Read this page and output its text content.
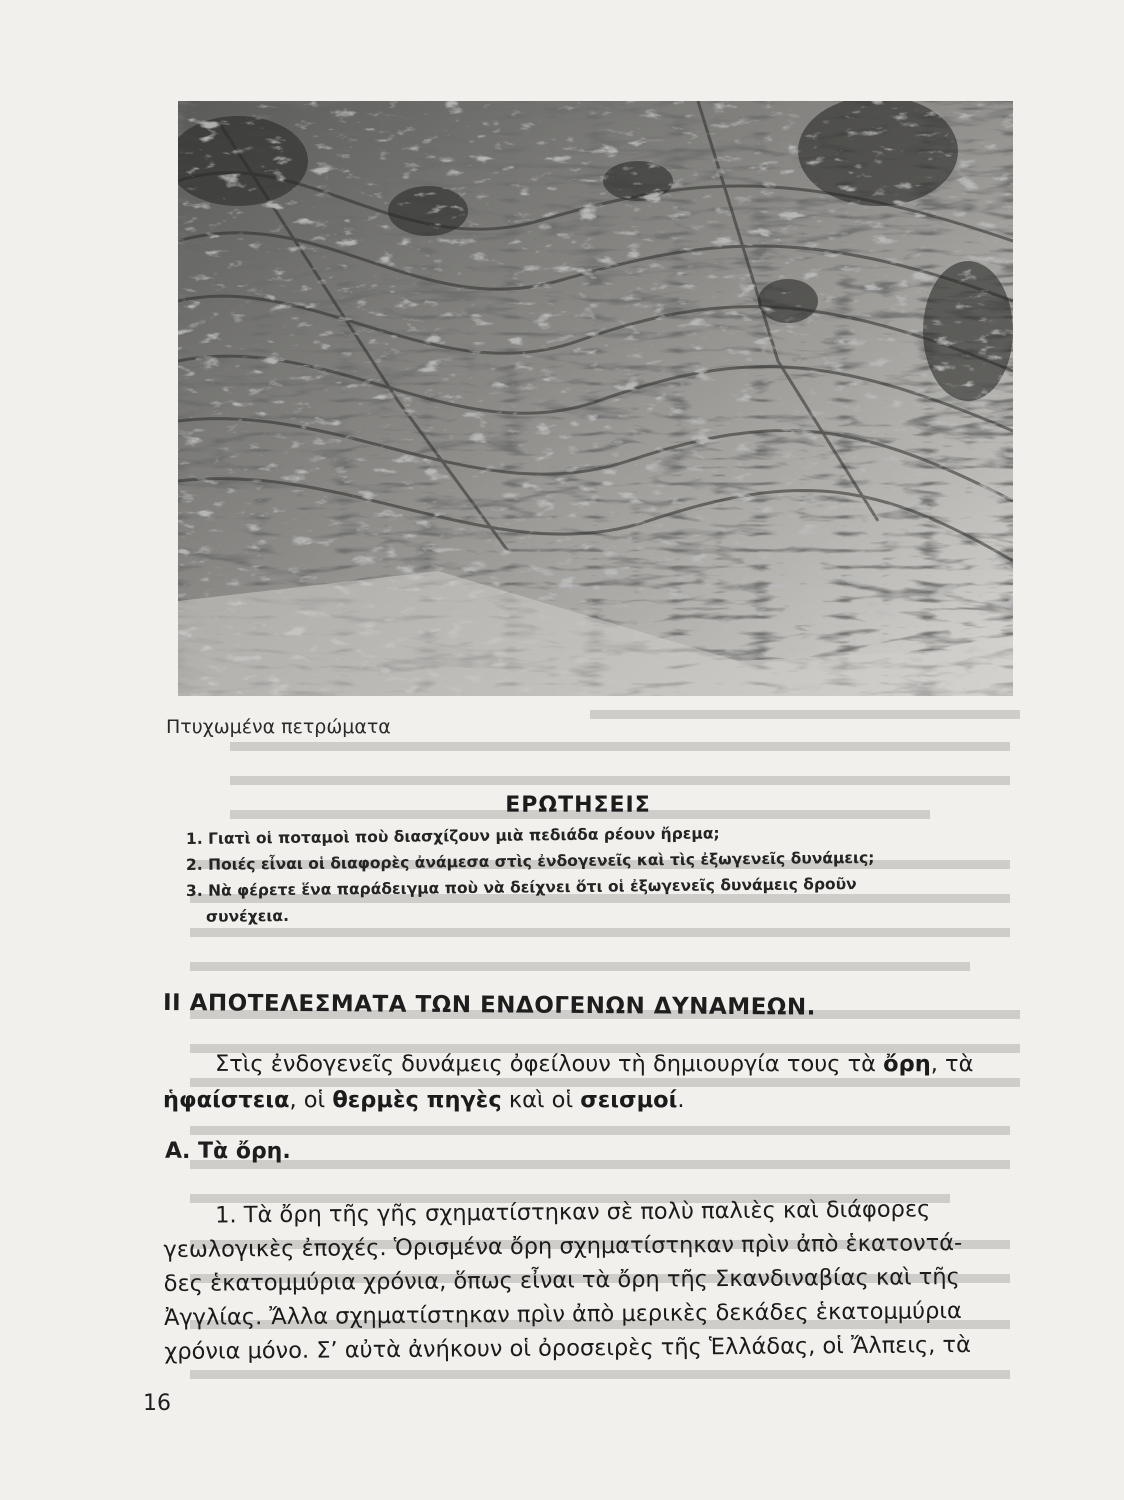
Πτυχωμένα πετρώματα
ΕΡΩΤΗΣΕΙΣ
1. Γιατὶ οἱ ποταμοὶ ποὺ διασχίζουν μιὰ πεδιάδα ρέουν ἤρεμα;
2. Ποιές εἶναι οἱ διαφορὲς ἀνάμεσα στὶς ἐνδογενεῖς καὶ τὶς ἐξωγενεῖς δυνάμεις;
3. Νὰ φέρετε ἕνα παράδειγμα ποὺ νὰ δείχνει ὅτι οἱ ἐξωγενεῖς δυνάμεις δροῦν
συνέχεια.
ΙΙ ΑΠΟΤΕΛΕΣΜΑΤΑ ΤΩΝ ΕΝΔΟΓΕΝΩΝ ΔΥΝΑΜΕΩΝ.

Στὶς ἐνδογενεῖς δυνάμεις ὀφείλουν τὴ δημιουργία τους τὰ ὄρη, τὰ

ἡφαίστεια, οἱ θερμὲς πηγὲς καὶ οἱ σεισμοί.

Α. Τὰ ὄρη.

1. Τὰ ὄρη τῆς γῆς σχηματίστηκαν σὲ πολὺ παλιὲς καὶ διάφορες

γεωλογικὲς ἐποχές. Ὁρισμένα ὄρη σχηματίστηκαν πρὶν ἀπὸ ἑκατοντά-

δες ἑκατομμύρια χρόνια, ὅπως εἶναι τὰ ὄρη τῆς Σκανδιναβίας καὶ τῆς

Ἀγγλίας. Ἄλλα σχηματίστηκαν πρὶν ἀπὸ μερικὲς δεκάδες ἑκατομμύρια

χρόνια μόνο. Σ’ αὐτὰ ἀνήκουν οἱ ὀροσειρὲς τῆς Ἑλλάδας, οἱ Ἄλπεις, τὰ

16
